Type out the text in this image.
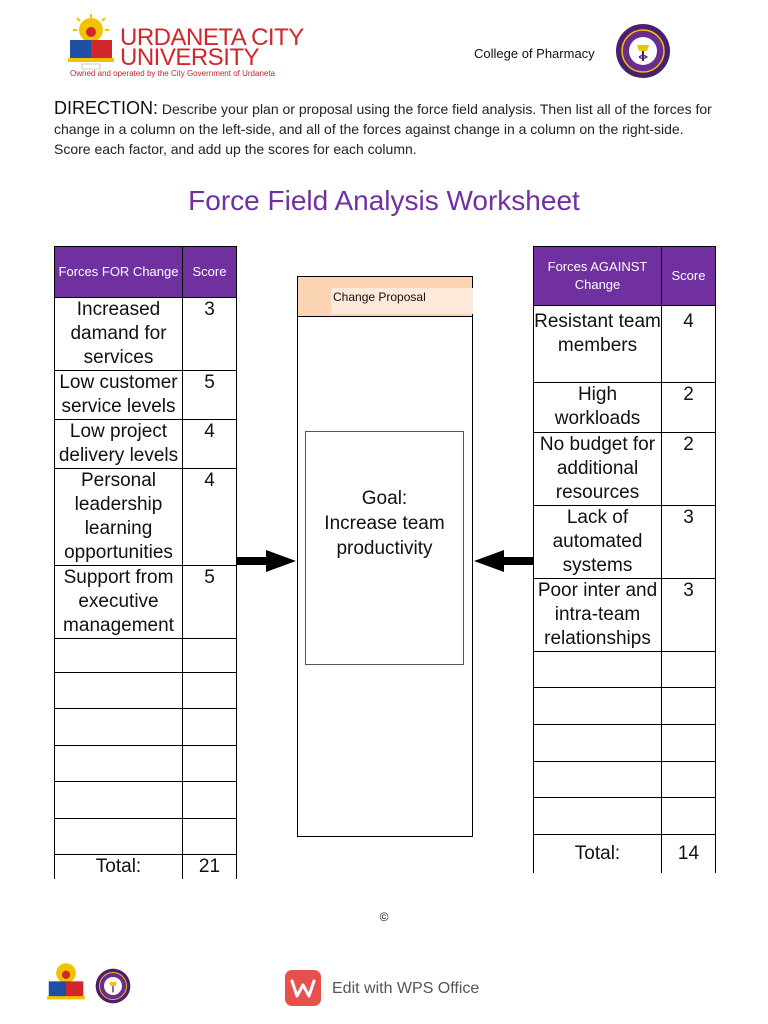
URDANETA CITY
UNIVERSITY
Owned and operated by the City Government of Urdaneta
College of Pharmacy
DIRECTION: Describe your plan or proposal using the force field analysis. Then list all of the forces for change in a column on the left-side, and all of the forces against change in a column on the right-side. Score each factor, and add up the scores for each column.
Force Field Analysis Worksheet
Forces FOR Change	Score
Increased damand for services	3
Low customer service levels	5
Low project delivery levels	4
Personal leadership learning opportunities	4
Support from executive management	5

Total:	21
Change Proposal
Goal:
Increase team productivity
Forces AGAINST Change	Score
Resistant team members	4
High workloads	2
No budget for additional resources	2
Lack of automated systems	3
Poor inter and intra-team relationships	3

Total:	14
©
Edit with WPS Office
